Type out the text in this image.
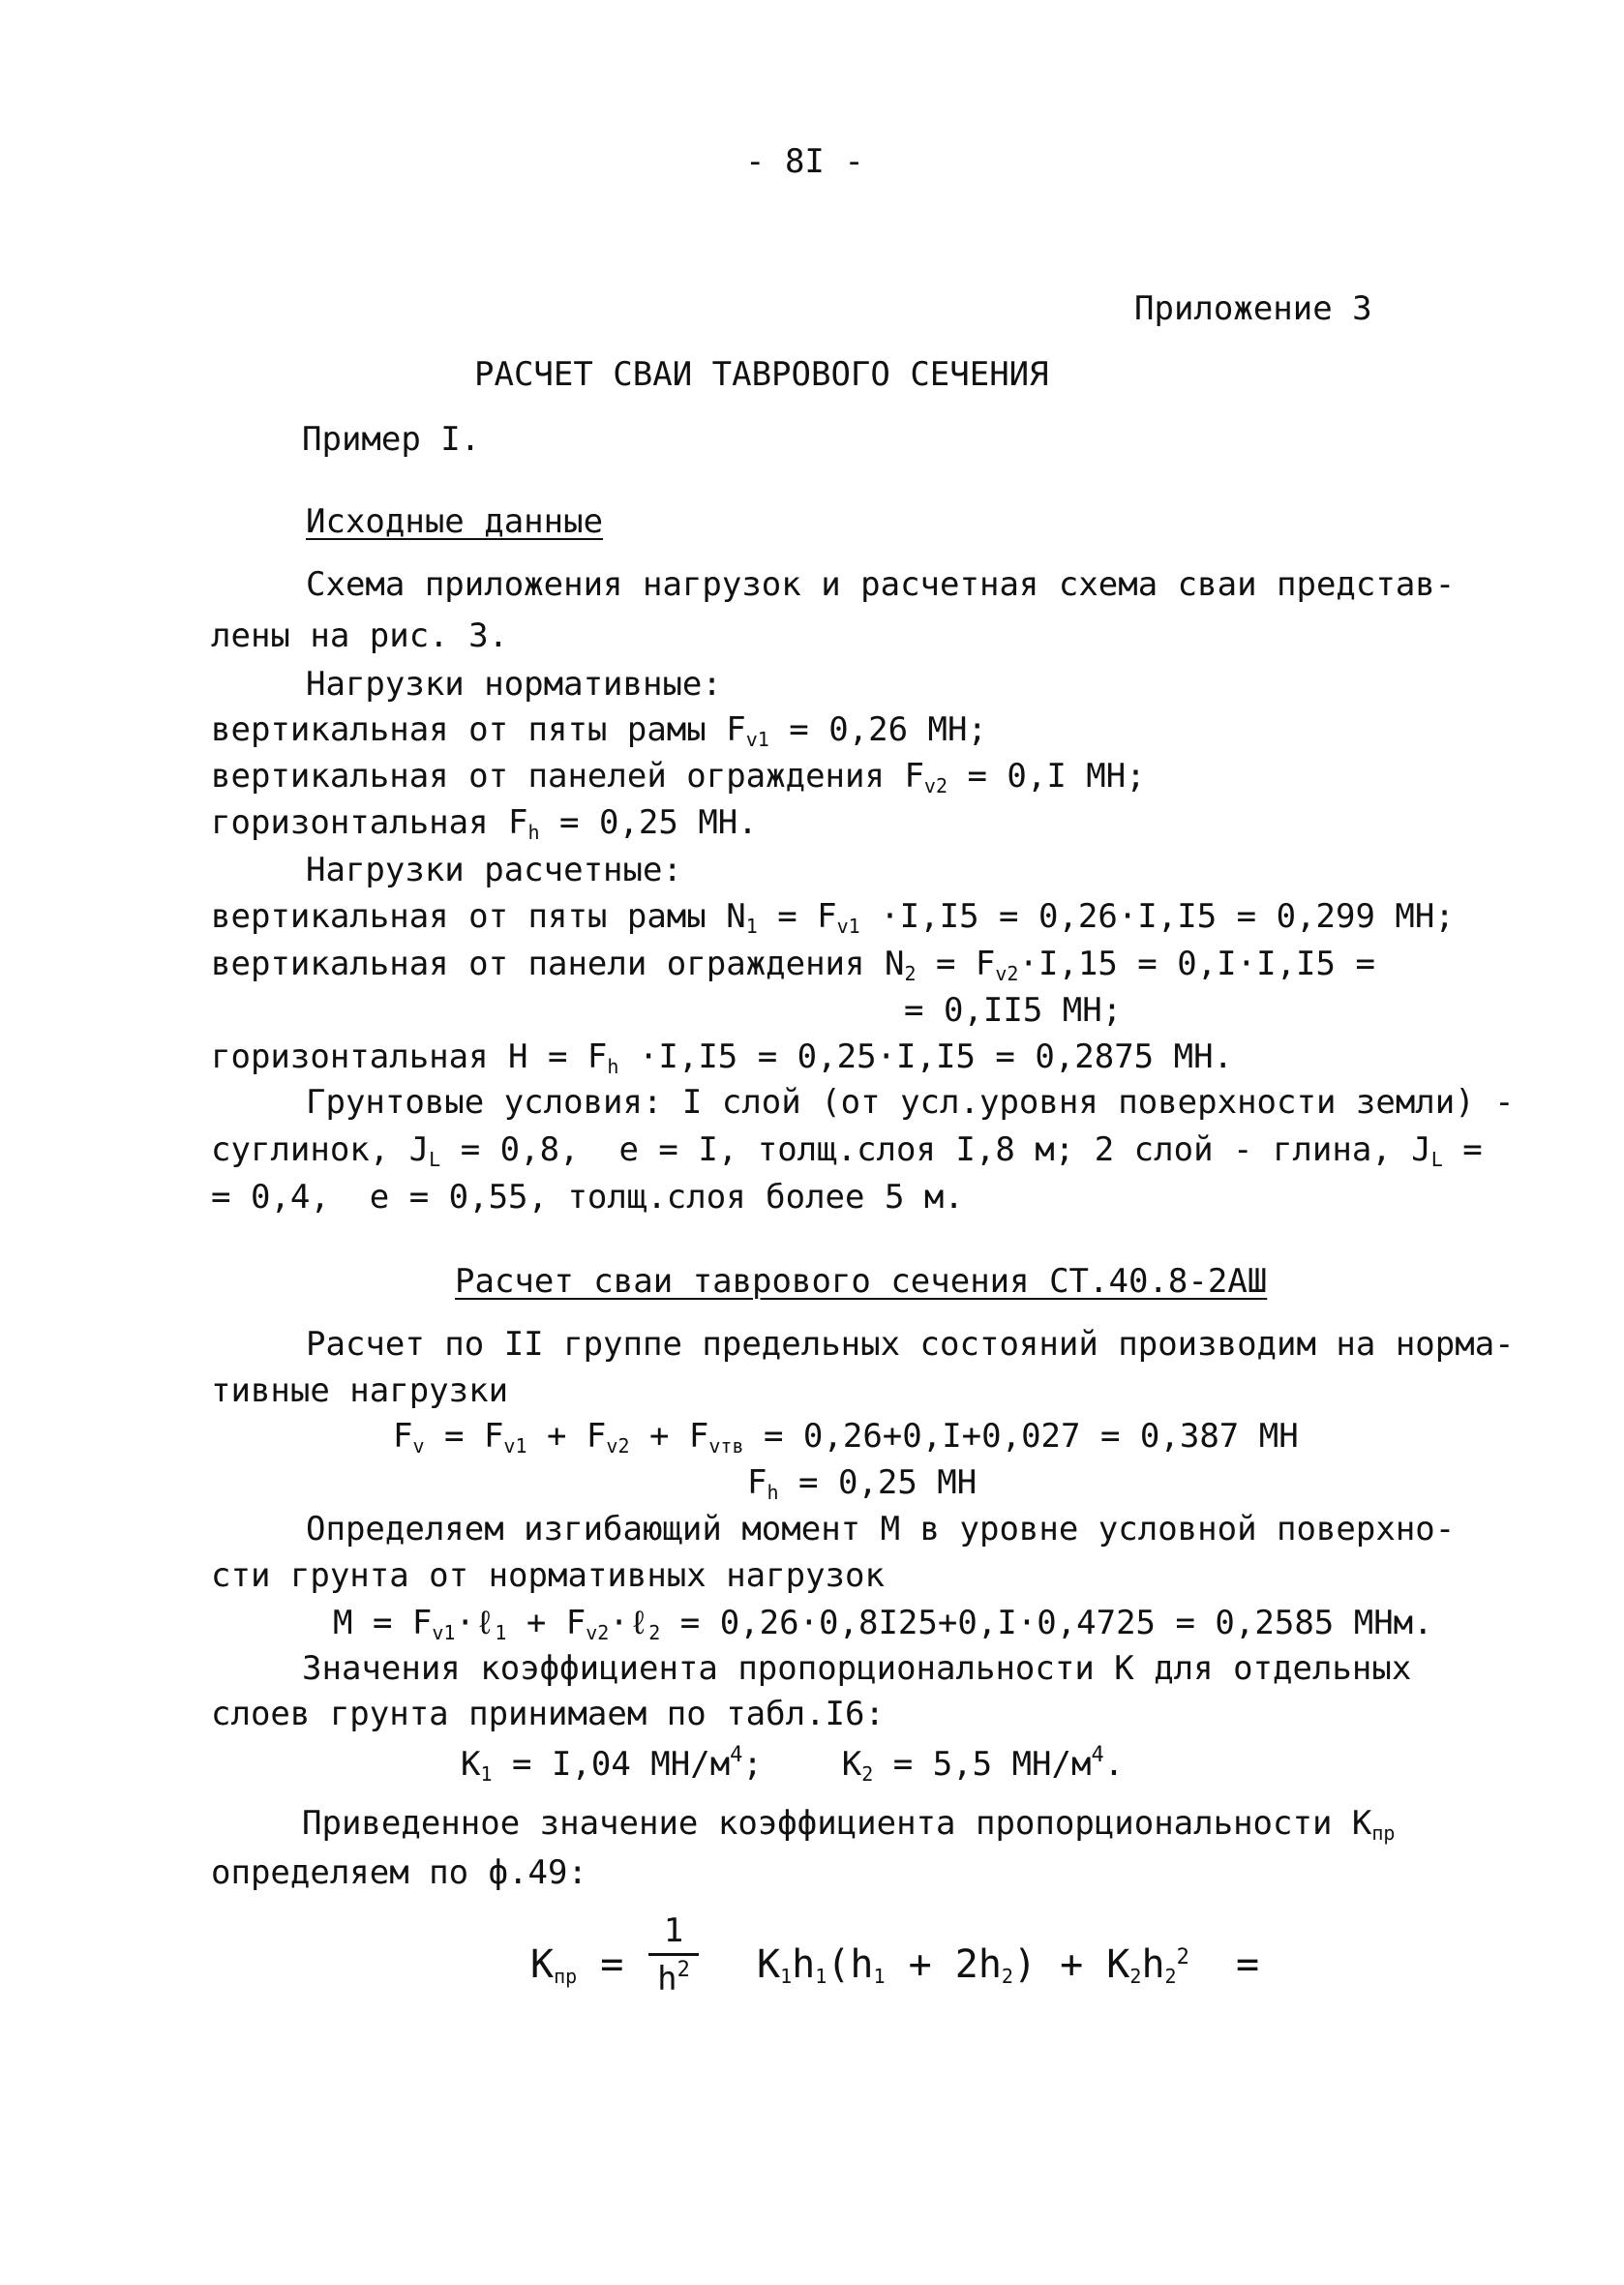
- 8I -
Приложение 3
РАСЧЕТ СВАИ ТАВРОВОГО СЕЧЕНИЯ
Пример I.
Исходные данные
Схема приложения нагрузок и расчетная схема сваи представ-
лены на рис. 3.
Нагрузки нормативные:
вертикальная от пяты рамы $F_{v1} = 0,26$ МН;
вертикальная от панелей ограждения $F_{v2} = 0,I$ МН;
горизонтальная $F_h = 0,25$ МН.
Нагрузки расчетные:
вертикальная от пяты рамы $N_1 = F_{v1} \cdot I,I5 = 0,26\cdot I,I5 = 0,299$ МН;
вертикальная от панели ограждения $N_2 = F_{v2}\cdot I,15 = 0,I\cdot I,I5$ =
= 0,II5 МН;
горизонтальная $H = F_h \cdot I,I5 = 0,25\cdot I,I5 = 0,2875$ МН.
Грунтовые условия: I слой (от усл.уровня поверхности земли) -
суглинок, $J_L = 0,8$,  e = I, толщ.слоя I,8 м; 2 слой - глина, $J_L$ =
= 0,4,  e = 0,55, толщ.слоя более 5 м.
Расчет сваи таврового сечения СТ.40.8-2АШ
Расчет по II группе предельных состояний производим на норма-
тивные нагрузки
$F_v = F_{v1} + F_{v2} + F_{vтв} = 0,26+0,I+0,027 = 0,387$ МН
$F_h = 0,25$ МН
Определяем изгибающий момент M в уровне условной поверхно-
сти грунта от нормативных нагрузок
$M = F_{v1}\cdot\ell_1$ + $F_{v2}\cdot\ell_2 = 0,26\cdot 0,8I25+0,I\cdot 0,4725 = 0,2585$ МНм.
Значения коэффициента пропорциональности K для отдельных
слоев грунта принимаем по табл.I6:
$K_1 = I,04$ $МН/м^4$;    $K_2 = 5,5$ $МН/м^4$.
Приведенное значение коэффициента пропорциональности $K_{пр}$
определяем по ф.49:
$K_{пр}$ =
1
$h^2$ $K_1h_1(h_1 + 2h_2) + K_2h_2^2$  =
